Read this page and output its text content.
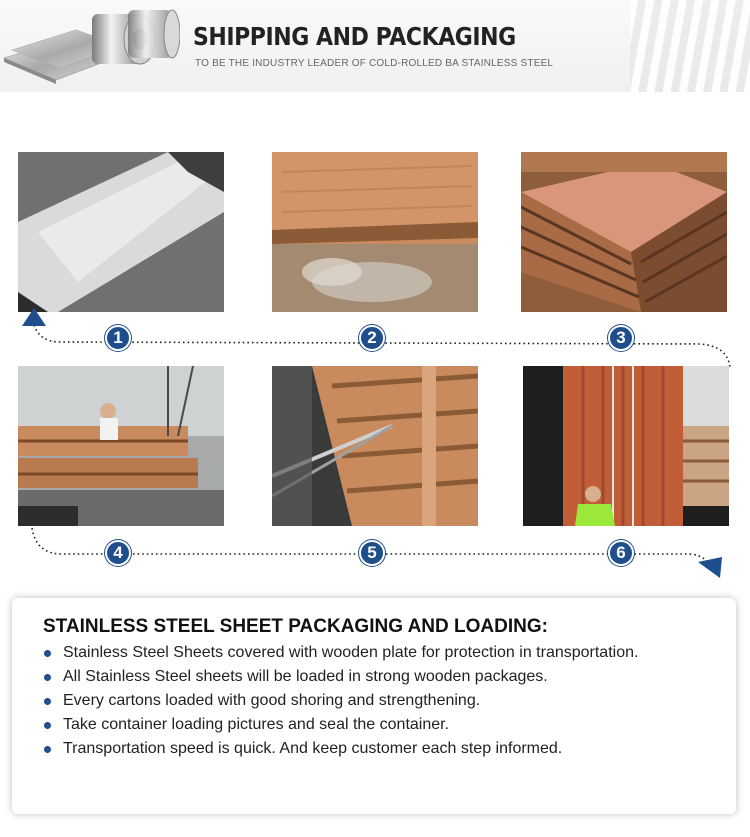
SHIPPING AND PACKAGING
TO BE THE INDUSTRY LEADER OF COLD-ROLLED BA STAINLESS STEEL
1	2	3
4	5	6
STAINLESS STEEL SHEET PACKAGING AND LOADING:
Stainless Steel Sheets covered with wooden plate for protection in transportation.
All Stainless Steel sheets will be loaded in strong wooden packages.
Every cartons loaded with good shoring and strengthening.
Take container loading pictures and seal the container.
Transportation speed is quick. And keep customer each step informed.
